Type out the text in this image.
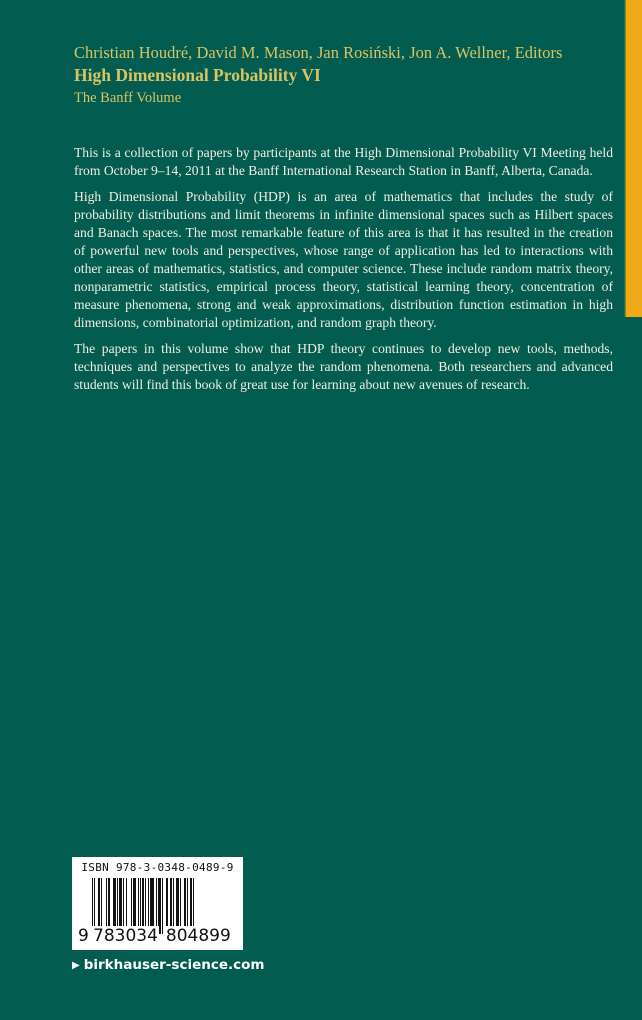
Christian Houdré, David M. Mason, Jan Rosiński, Jon A. Wellner, Editors
High Dimensional Probability VI
The Banff Volume

This is a collection of papers by participants at the High Dimensional Probability VI Meeting held from October 9–14, 2011 at the Banff International Research Station in Banff, Alberta, Canada.

High Dimensional Probability (HDP) is an area of mathematics that includes the study of probability distributions and limit theorems in infinite dimensional spaces such as Hilbert spaces and Banach spaces. The most remarkable feature of this area is that it has resulted in the creation of powerful new tools and perspectives, whose range of application has led to interactions with other areas of mathematics, statistics, and computer science. These include random matrix theory, nonparametric statistics, empirical process theory, statistical learning theory, concentration of measure phenomena, strong and weak approximations, distribution function estimation in high dimensions, combinatorial optimization, and random graph theory.

The papers in this volume show that HDP theory continues to develop new tools, methods, techniques and perspectives to analyze the random phenomena. Both researchers and advanced students will find this book of great use for learning about new avenues of research.

ISBN 978-3-0348-0489-9
9 783034 804899
▶ birkhauser-science.com
